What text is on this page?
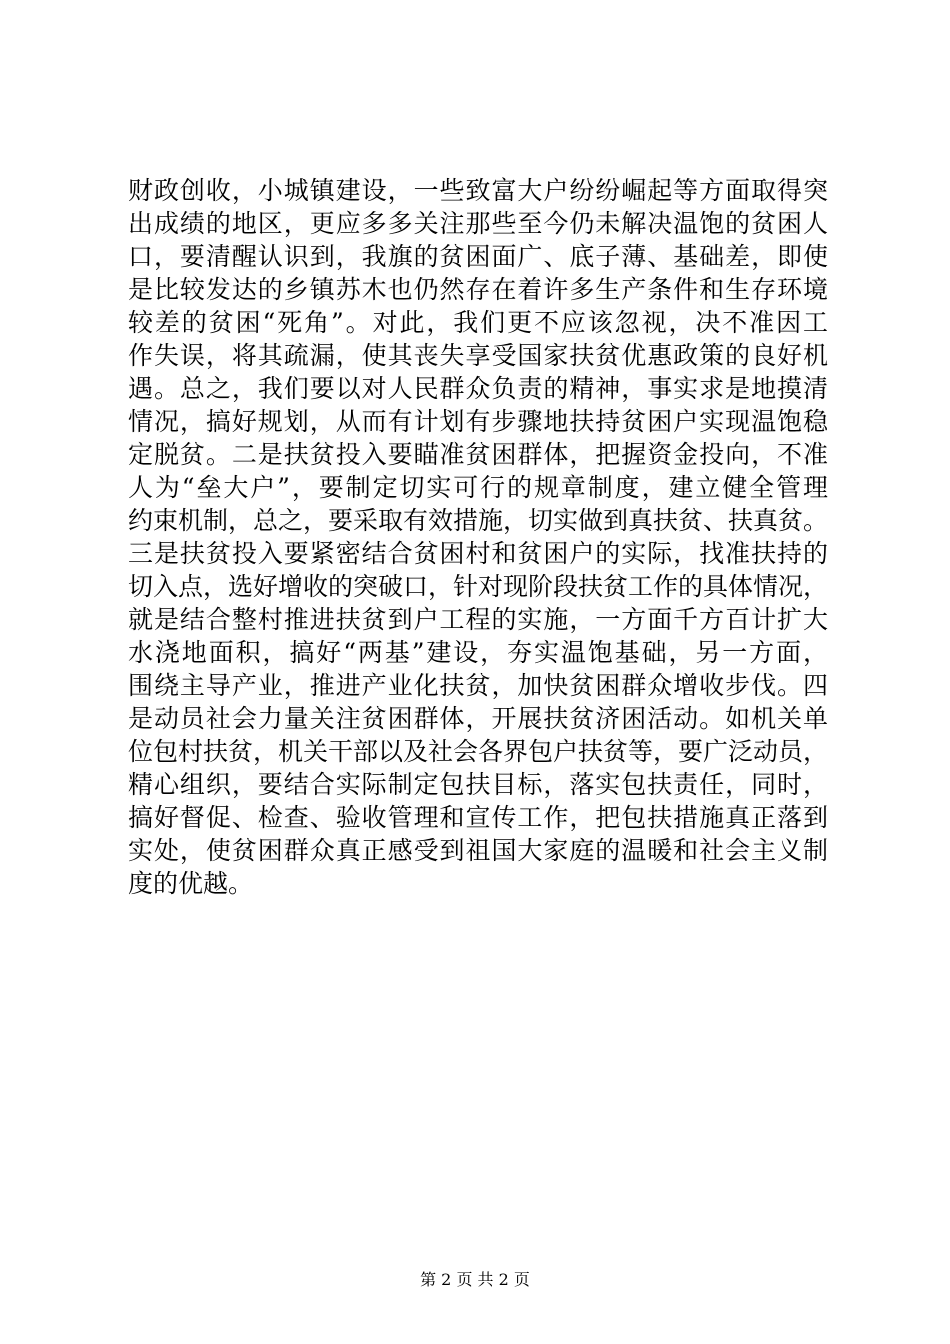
财政创收，小城镇建设，一些致富大户纷纷崛起等方面取得突
出成绩的地区，更应多多关注那些至今仍未解决温饱的贫困人
口，要清醒认识到，我旗的贫困面广、底子薄、基础差，即使
是比较发达的乡镇苏木也仍然存在着许多生产条件和生存环境
较差的贫困“死角”。对此，我们更不应该忽视，决不准因工
作失误，将其疏漏，使其丧失享受国家扶贫优惠政策的良好机
遇。总之，我们要以对人民群众负责的精神，事实求是地摸清
情况，搞好规划，从而有计划有步骤地扶持贫困户实现温饱稳
定脱贫。二是扶贫投入要瞄准贫困群体，把握资金投向，不准
人为“垒大户”，要制定切实可行的规章制度，建立健全管理
约束机制，总之，要采取有效措施，切实做到真扶贫、扶真贫。
三是扶贫投入要紧密结合贫困村和贫困户的实际，找准扶持的
切入点，选好增收的突破口，针对现阶段扶贫工作的具体情况，
就是结合整村推进扶贫到户工程的实施，一方面千方百计扩大
水浇地面积，搞好“两基”建设，夯实温饱基础，另一方面，
围绕主导产业，推进产业化扶贫，加快贫困群众增收步伐。四
是动员社会力量关注贫困群体，开展扶贫济困活动。如机关单
位包村扶贫，机关干部以及社会各界包户扶贫等，要广泛动员，
精心组织，要结合实际制定包扶目标，落实包扶责任，同时，
搞好督促、检查、验收管理和宣传工作，把包扶措施真正落到
实处，使贫困群众真正感受到祖国大家庭的温暖和社会主义制
度的优越。
第 2 页 共 2 页
